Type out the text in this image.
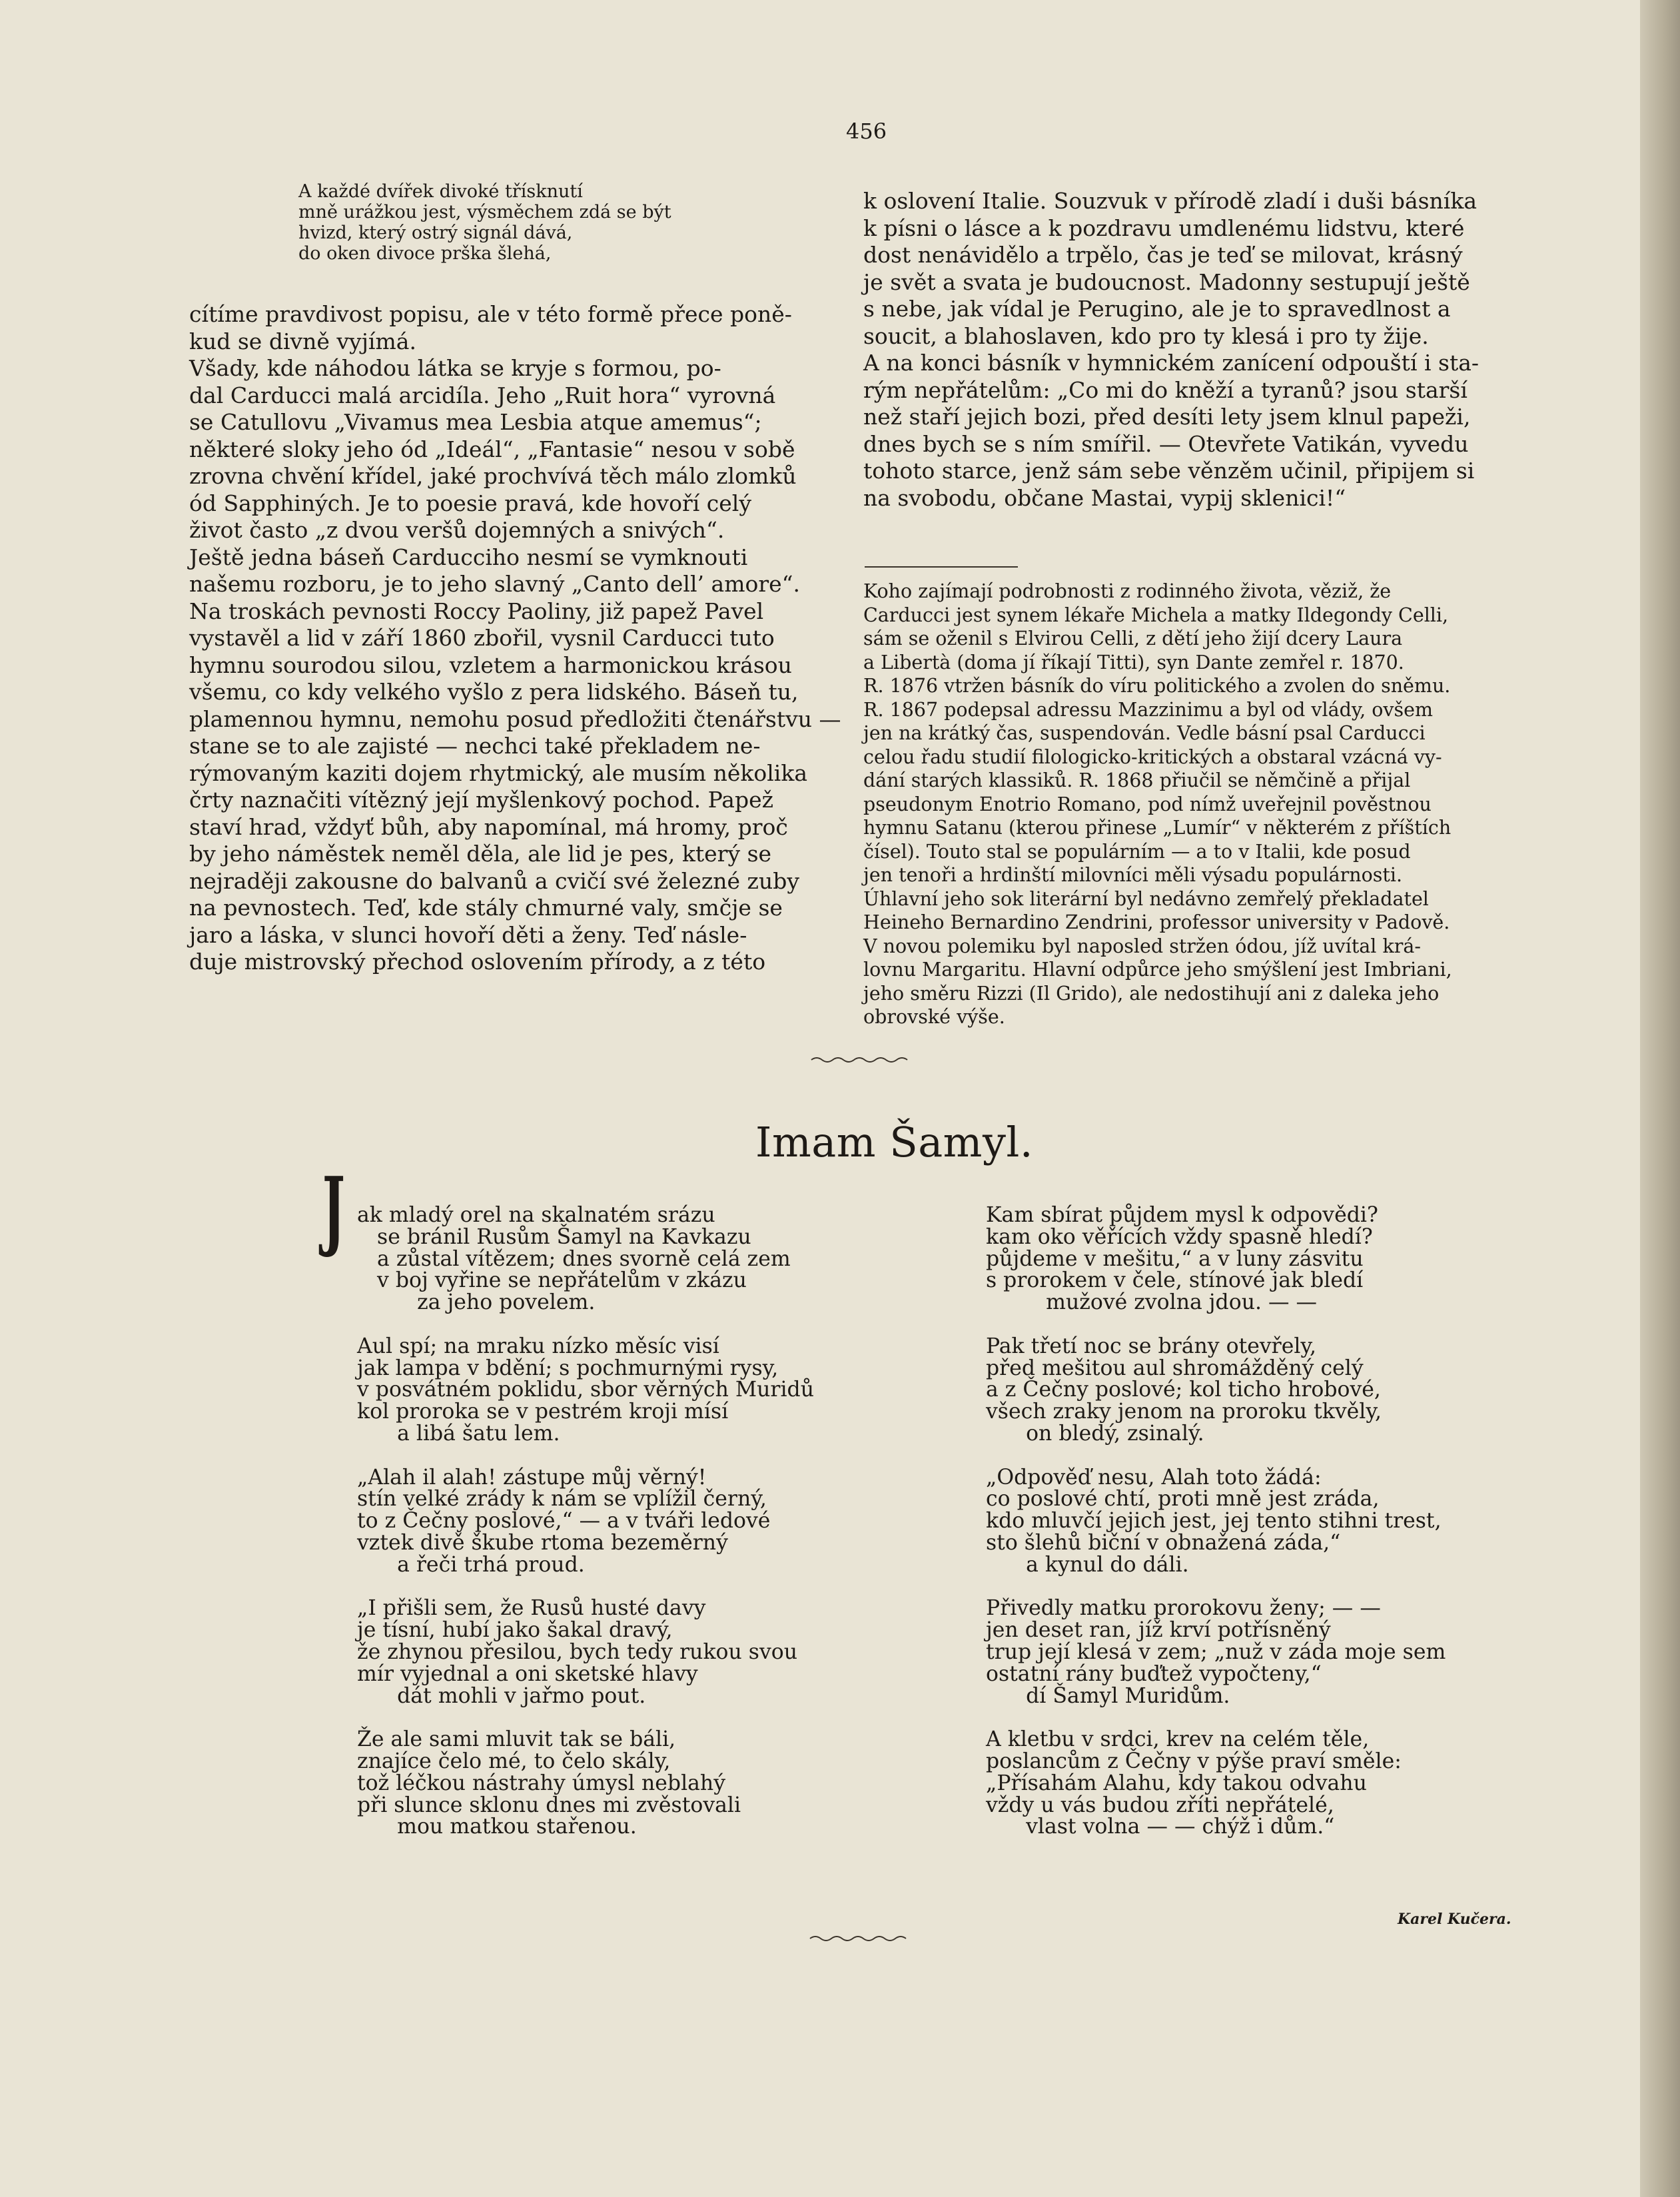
456

A každé dvířek divoké třísknutí
mně urážkou jest, výsměchem zdá se být
hvizd, který ostrý signál dává,
do oken divoce prška šlehá,

cítíme pravdivost popisu, ale v této formě přece poně-
kud se divně vyjímá.
Všady, kde náhodou látka se kryje s formou, po-
dal Carducci malá arcidíla. Jeho „Ruit hora“ vyrovná
se Catullovu „Vivamus mea Lesbia atque amemus“;
některé sloky jeho ód „Ideál“, „Fantasie“ nesou v sobě
zrovna chvění křídel, jaké prochvívá těch málo zlomků
ód Sapphiných. Je to poesie pravá, kde hovoří celý
život často „z dvou veršů dojemných a snivých“.
Ještě jedna báseň Carducciho nesmí se vymknouti
našemu rozboru, je to jeho slavný „Canto dell’ amore“.
Na troskách pevnosti Roccy Paoliny, již papež Pavel
vystavěl a lid v září 1860 zbořil, vysnil Carducci tuto
hymnu sourodou silou, vzletem a harmonickou krásou
všemu, co kdy velkého vyšlo z pera lidského. Báseň tu,
plamennou hymnu, nemohu posud předložiti čtenářstvu —
stane se to ale zajisté — nechci také překladem ne-
rýmovaným kaziti dojem rhytmický, ale musím několika
črty naznačiti vítězný její myšlenkový pochod. Papež
staví hrad, vždyť bůh, aby napomínal, má hromy, proč
by jeho náměstek neměl děla, ale lid je pes, který se
nejraději zakousne do balvanů a cvičí své železné zuby
na pevnostech. Teď, kde stály chmurné valy, smčje se
jaro a láska, v slunci hovoří děti a ženy. Teď násle-
duje mistrovský přechod oslovením přírody, a z této

k oslovení Italie. Souzvuk v přírodě zladí i duši básníka
k písni o lásce a k pozdravu umdlenému lidstvu, které
dost nenávidělo a trpělo, čas je teď se milovat, krásný
je svět a svata je budoucnost. Madonny sestupují ještě
s nebe, jak vídal je Perugino, ale je to spravedlnost a
soucit, a blahoslaven, kdo pro ty klesá i pro ty žije.
A na konci básník v hymnickém zanícení odpouští i sta-
rým nepřátelům: „Co mi do kněží a tyranů? jsou starší
než staří jejich bozi, před desíti lety jsem klnul papeži,
dnes bych se s ním smířil. — Otevřete Vatikán, vyvedu
tohoto starce, jenž sám sebe věnzěm učinil, připijem si
na svobodu, občane Mastai, vypij sklenici!“

Koho zajímají podrobnosti z rodinného života, věziž, že
Carducci jest synem lékaře Michela a matky Ildegondy Celli,
sám se oženil s Elvirou Celli, z dětí jeho žijí dcery Laura
a Libertà (doma jí říkají Titti), syn Dante zemřel r. 1870.
R. 1876 vtržen básník do víru politického a zvolen do sněmu.
R. 1867 podepsal adressu Mazzinimu a byl od vlády, ovšem
jen na krátký čas, suspendován. Vedle básní psal Carducci
celou řadu studií filologicko-kritických a obstaral vzácná vy-
dání starých klassiků. R. 1868 přiučil se němčině a přijal
pseudonym Enotrio Romano, pod nímž uveřejnil pověstnou
hymnu Satanu (kterou přinese „Lumír“ v některém z příštích
čísel). Touto stal se populárním — a to v Italii, kde posud
jen tenoři a hrdinští milovníci měli výsadu populárnosti.
Úhlavní jeho sok literární byl nedávno zemřelý překladatel
Heineho Bernardino Zendrini, professor university v Padově.
V novou polemiku byl naposled stržen ódou, jíž uvítal krá-
lovnu Margaritu. Hlavní odpůrce jeho smýšlení jest Imbriani,
jeho směru Rizzi (Il Grido), ale nedostihují ani z daleka jeho
obrovské výše.

Imam Šamyl.
J ak mladý orel na skalnatém srázu
se bránil Rusům Šamyl na Kavkazu
a zůstal vítězem; dnes svorně celá zem
v boj vyřine se nepřátelům v zkázu
za jeho povelem.

Aul spí; na mraku nízko měsíc visí
jak lampa v bdění; s pochmurnými rysy,
v posvátném poklidu, sbor věrných Muridů
kol proroka se v pestrém kroji mísí
a libá šatu lem.

„Alah il alah! zástupe můj věrný!
stín velké zrády k nám se vplížil černý,
to z Čečny poslové,“ — a v tváři ledové
vztek divě škube rtoma bezeměrný
a řeči trhá proud.

„I přišli sem, že Rusů husté davy
je tísní, hubí jako šakal dravý,
že zhynou přesilou, bych tedy rukou svou
mír vyjednal a oni sketské hlavy
dát mohli v jařmo pout.

Že ale sami mluvit tak se báli,
znajíce čelo mé, to čelo skály,
tož léčkou nástrahy úmysl neblahý
při slunce sklonu dnes mi zvěstovali
mou matkou stařenou.

Kam sbírat půjdem mysl k odpovědi?
kam oko věřících vždy spasně hledí?
půjdeme v mešitu,“ a v luny zásvitu
s prorokem v čele, stínové jak bledí
mužové zvolna jdou. — —

Pak třetí noc se brány otevřely,
před mešitou aul shromážděný celý
a z Čečny poslové; kol ticho hrobové,
všech zraky jenom na proroku tkvěly,
on bledý, zsinalý.

„Odpověď nesu, Alah toto žádá:
co poslové chtí, proti mně jest zráda,
kdo mluvčí jejich jest, jej tento stihni trest,
sto šlehů biční v obnažená záda,“
a kynul do dáli.

Přivedly matku prorokovu ženy; — —
jen deset ran, jíž krví potřísněný
trup její klesá v zem; „nuž v záda moje sem
ostatní rány buďtež vypočteny,“
dí Šamyl Muridům.

A kletbu v srdci, krev na celém těle,
poslancům z Čečny v pýše praví směle:
„Přísahám Alahu, kdy takou odvahu
vždy u vás budou zříti nepřátelé,
vlast volna — — chýž i dům.“

Karel Kučera.
